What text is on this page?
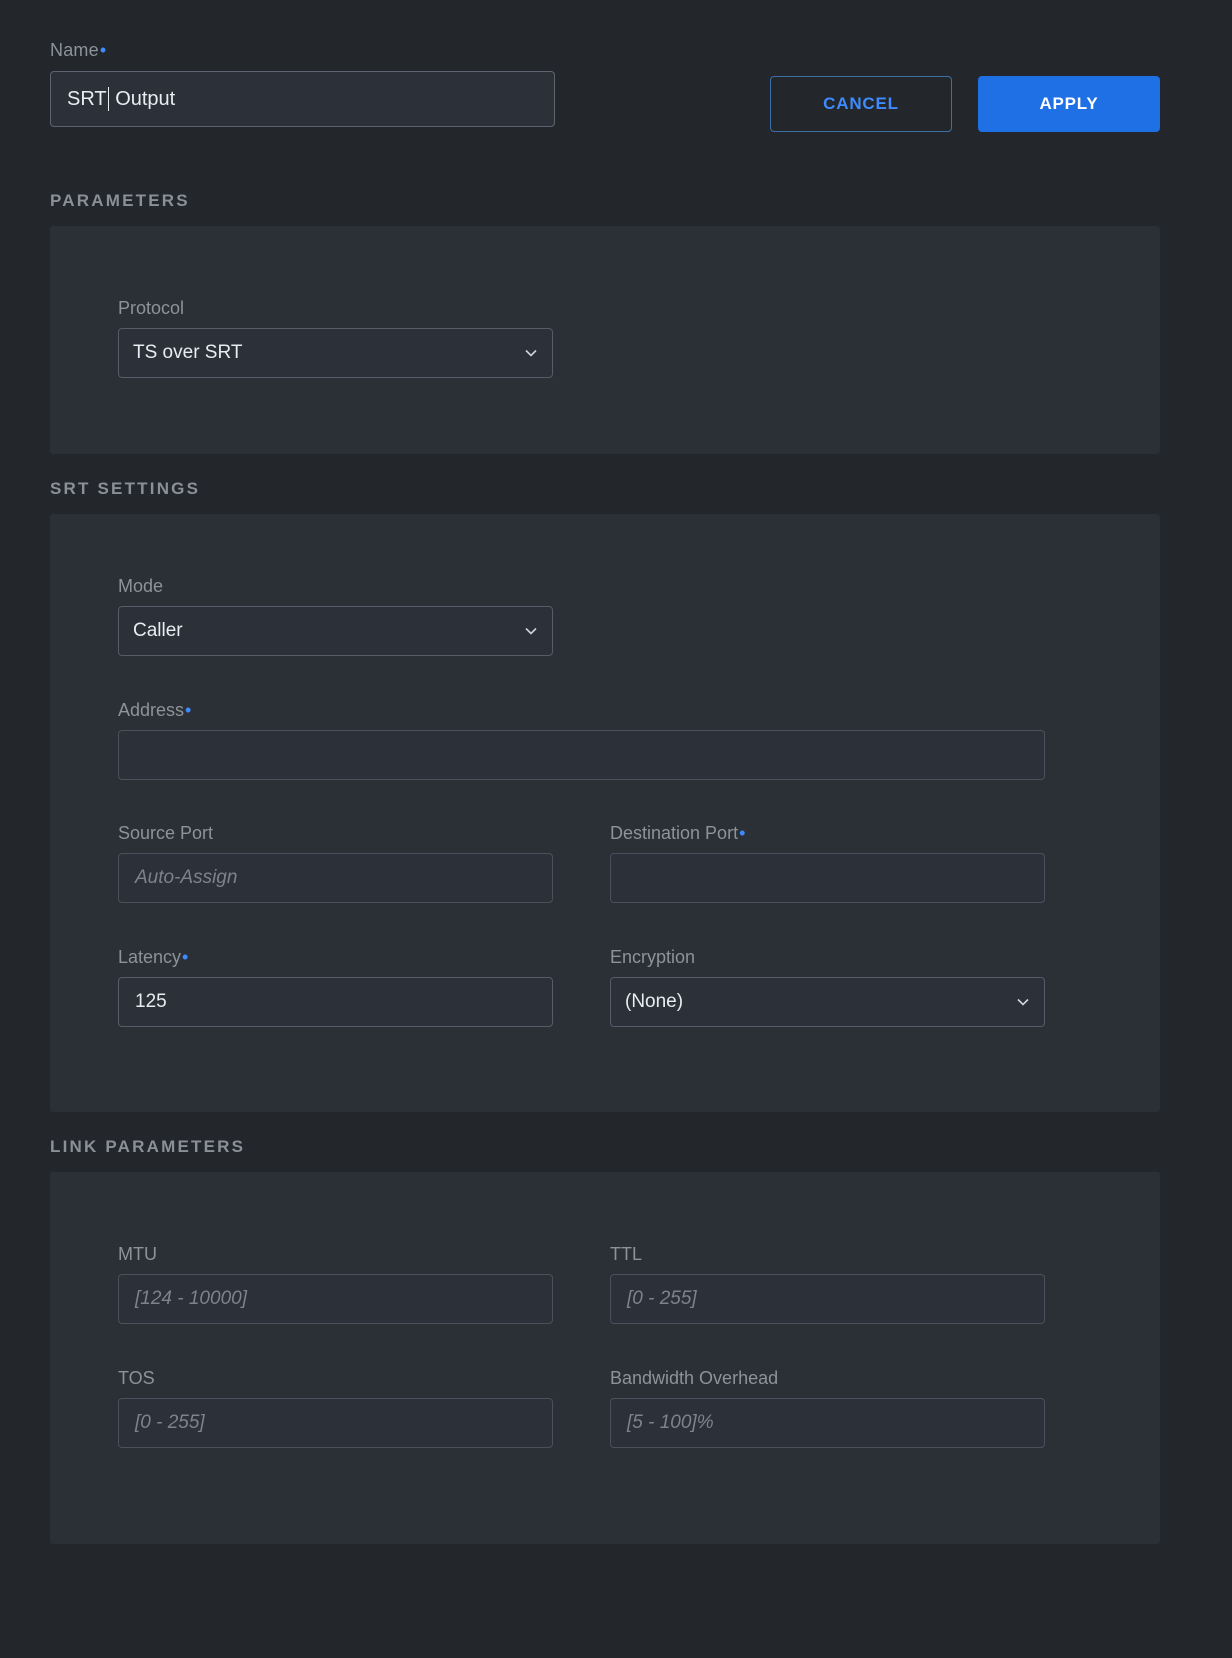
Name•
SRT Output	CANCEL	APPLY
PARAMETERS
Protocol
TS over SRT
SRT SETTINGS
Mode
Caller
Address•
Source Port
Auto-Assign
Destination Port•
Latency•
125
Encryption
(None)
LINK PARAMETERS
MTU
[124 - 10000]
TTL
[0 - 255]
TOS
[0 - 255]
Bandwidth Overhead
[5 - 100]%
